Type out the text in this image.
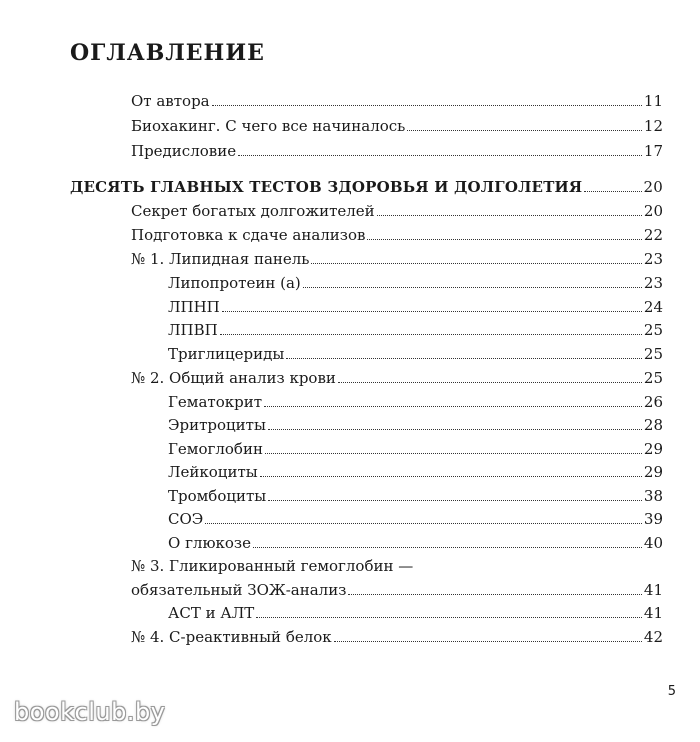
ОГЛАВЛЕНИЕ
От автора	11
Биохакинг. С чего все начиналось	12
Предисловие	17
ДЕСЯТЬ ГЛАВНЫХ ТЕСТОВ ЗДОРОВЬЯ И ДОЛГОЛЕТИЯ	20
Секрет богатых долгожителей	20
Подготовка к сдаче анализов	22
№ 1. Липидная панель	23
Липопротеин (а)	23
ЛПНП	24
ЛПВП	25
Триглицериды	25
№ 2. Общий анализ крови	25
Гематокрит	26
Эритроциты	28
Гемоглобин	29
Лейкоциты	29
Тромбоциты	38
СОЭ	39
О глюкозе	40
№ 3. Гликированный гемоглобин —
обязательный ЗОЖ-анализ	41
АСТ и АЛТ	41
№ 4. С-реактивный белок	42
5
bookclub.by
